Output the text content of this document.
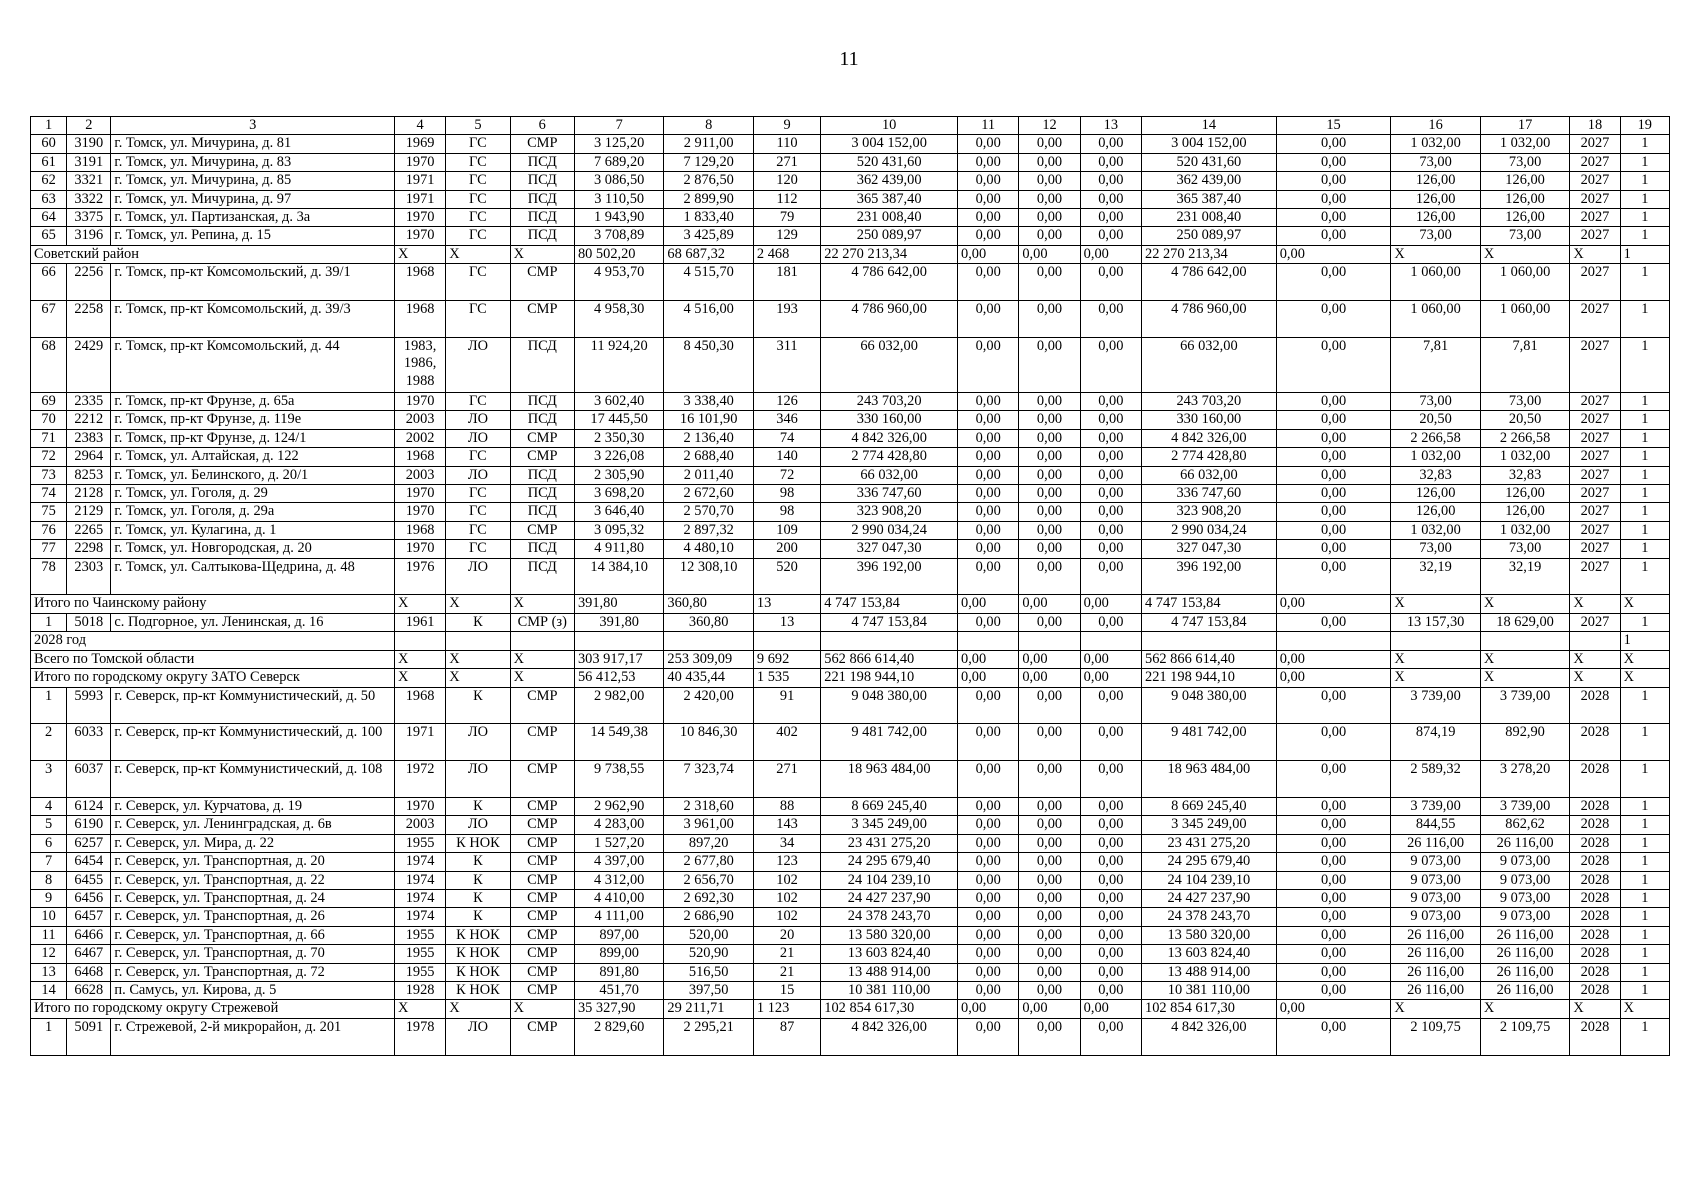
11
1	2	3	4	5	6	7	8	9	10	11	12	13	14	15	16	17	18	19
60	3190	г. Томск, ул. Мичурина, д. 81	1969	ГС	СМР	3 125,20	2 911,00	110	3 004 152,00	0,00	0,00	0,00	3 004 152,00	0,00	1 032,00	1 032,00	2027	1
61	3191	г. Томск, ул. Мичурина, д. 83	1970	ГС	ПСД	7 689,20	7 129,20	271	520 431,60	0,00	0,00	0,00	520 431,60	0,00	73,00	73,00	2027	1
62	3321	г. Томск, ул. Мичурина, д. 85	1971	ГС	ПСД	3 086,50	2 876,50	120	362 439,00	0,00	0,00	0,00	362 439,00	0,00	126,00	126,00	2027	1
63	3322	г. Томск, ул. Мичурина, д. 97	1971	ГС	ПСД	3 110,50	2 899,90	112	365 387,40	0,00	0,00	0,00	365 387,40	0,00	126,00	126,00	2027	1
64	3375	г. Томск, ул. Партизанская, д. 3а	1970	ГС	ПСД	1 943,90	1 833,40	79	231 008,40	0,00	0,00	0,00	231 008,40	0,00	126,00	126,00	2027	1
65	3196	г. Томск, ул. Репина, д. 15	1970	ГС	ПСД	3 708,89	3 425,89	129	250 089,97	0,00	0,00	0,00	250 089,97	0,00	73,00	73,00	2027	1
Советский район			X	X	X	80 502,20	68 687,32	2 468	22 270 213,34	0,00	0,00	0,00	22 270 213,34	0,00	X	X	X	1
66	2256	г. Томск, пр-кт Комсомольский, д. 39/1	1968	ГС	СМР	4 953,70	4 515,70	181	4 786 642,00	0,00	0,00	0,00	4 786 642,00	0,00	1 060,00	1 060,00	2027	1
67	2258	г. Томск, пр-кт Комсомольский, д. 39/3	1968	ГС	СМР	4 958,30	4 516,00	193	4 786 960,00	0,00	0,00	0,00	4 786 960,00	0,00	1 060,00	1 060,00	2027	1
68	2429	г. Томск, пр-кт Комсомольский, д. 44	1983, 1986, 1988	ЛО	ПСД	11 924,20	8 450,30	311	66 032,00	0,00	0,00	0,00	66 032,00	0,00	7,81	7,81	2027	1
69	2335	г. Томск, пр-кт Фрунзе, д. 65а	1970	ГС	ПСД	3 602,40	3 338,40	126	243 703,20	0,00	0,00	0,00	243 703,20	0,00	73,00	73,00	2027	1
70	2212	г. Томск, пр-кт Фрунзе, д. 119е	2003	ЛО	ПСД	17 445,50	16 101,90	346	330 160,00	0,00	0,00	0,00	330 160,00	0,00	20,50	20,50	2027	1
71	2383	г. Томск, пр-кт Фрунзе, д. 124/1	2002	ЛО	СМР	2 350,30	2 136,40	74	4 842 326,00	0,00	0,00	0,00	4 842 326,00	0,00	2 266,58	2 266,58	2027	1
72	2964	г. Томск, ул. Алтайская, д. 122	1968	ГС	СМР	3 226,08	2 688,40	140	2 774 428,80	0,00	0,00	0,00	2 774 428,80	0,00	1 032,00	1 032,00	2027	1
73	8253	г. Томск, ул. Белинского, д. 20/1	2003	ЛО	ПСД	2 305,90	2 011,40	72	66 032,00	0,00	0,00	0,00	66 032,00	0,00	32,83	32,83	2027	1
74	2128	г. Томск, ул. Гоголя, д. 29	1970	ГС	ПСД	3 698,20	2 672,60	98	336 747,60	0,00	0,00	0,00	336 747,60	0,00	126,00	126,00	2027	1
75	2129	г. Томск, ул. Гоголя, д. 29а	1970	ГС	ПСД	3 646,40	2 570,70	98	323 908,20	0,00	0,00	0,00	323 908,20	0,00	126,00	126,00	2027	1
76	2265	г. Томск, ул. Кулагина, д. 1	1968	ГС	СМР	3 095,32	2 897,32	109	2 990 034,24	0,00	0,00	0,00	2 990 034,24	0,00	1 032,00	1 032,00	2027	1
77	2298	г. Томск, ул. Новгородская, д. 20	1970	ГС	ПСД	4 911,80	4 480,10	200	327 047,30	0,00	0,00	0,00	327 047,30	0,00	73,00	73,00	2027	1
78	2303	г. Томск, ул. Салтыкова-Щедрина, д. 48	1976	ЛО	ПСД	14 384,10	12 308,10	520	396 192,00	0,00	0,00	0,00	396 192,00	0,00	32,19	32,19	2027	1
Итого по Чаинскому району			X	X	X	391,80	360,80	13	4 747 153,84	0,00	0,00	0,00	4 747 153,84	0,00	X	X	X	X
1	5018	с. Подгорное, ул. Ленинская, д. 16	1961	К	СМР (з)	391,80	360,80	13	4 747 153,84	0,00	0,00	0,00	4 747 153,84	0,00	13 157,30	18 629,00	2027	1
2028 год																		1
Всего по Томской области			X	X	X	303 917,17	253 309,09	9 692	562 866 614,40	0,00	0,00	0,00	562 866 614,40	0,00	X	X	X	X
Итого по городскому округу ЗАТО Северск			X	X	X	56 412,53	40 435,44	1 535	221 198 944,10	0,00	0,00	0,00	221 198 944,10	0,00	X	X	X	X
1	5993	г. Северск, пр-кт Коммунистический, д. 50	1968	К	СМР	2 982,00	2 420,00	91	9 048 380,00	0,00	0,00	0,00	9 048 380,00	0,00	3 739,00	3 739,00	2028	1
2	6033	г. Северск, пр-кт Коммунистический, д. 100	1971	ЛО	СМР	14 549,38	10 846,30	402	9 481 742,00	0,00	0,00	0,00	9 481 742,00	0,00	874,19	892,90	2028	1
3	6037	г. Северск, пр-кт Коммунистический, д. 108	1972	ЛО	СМР	9 738,55	7 323,74	271	18 963 484,00	0,00	0,00	0,00	18 963 484,00	0,00	2 589,32	3 278,20	2028	1
4	6124	г. Северск, ул. Курчатова, д. 19	1970	К	СМР	2 962,90	2 318,60	88	8 669 245,40	0,00	0,00	0,00	8 669 245,40	0,00	3 739,00	3 739,00	2028	1
5	6190	г. Северск, ул. Ленинградская, д. 6в	2003	ЛО	СМР	4 283,00	3 961,00	143	3 345 249,00	0,00	0,00	0,00	3 345 249,00	0,00	844,55	862,62	2028	1
6	6257	г. Северск, ул. Мира, д. 22	1955	К НОК	СМР	1 527,20	897,20	34	23 431 275,20	0,00	0,00	0,00	23 431 275,20	0,00	26 116,00	26 116,00	2028	1
7	6454	г. Северск, ул. Транспортная, д. 20	1974	К	СМР	4 397,00	2 677,80	123	24 295 679,40	0,00	0,00	0,00	24 295 679,40	0,00	9 073,00	9 073,00	2028	1
8	6455	г. Северск, ул. Транспортная, д. 22	1974	К	СМР	4 312,00	2 656,70	102	24 104 239,10	0,00	0,00	0,00	24 104 239,10	0,00	9 073,00	9 073,00	2028	1
9	6456	г. Северск, ул. Транспортная, д. 24	1974	К	СМР	4 410,00	2 692,30	102	24 427 237,90	0,00	0,00	0,00	24 427 237,90	0,00	9 073,00	9 073,00	2028	1
10	6457	г. Северск, ул. Транспортная, д. 26	1974	К	СМР	4 111,00	2 686,90	102	24 378 243,70	0,00	0,00	0,00	24 378 243,70	0,00	9 073,00	9 073,00	2028	1
11	6466	г. Северск, ул. Транспортная, д. 66	1955	К НОК	СМР	897,00	520,00	20	13 580 320,00	0,00	0,00	0,00	13 580 320,00	0,00	26 116,00	26 116,00	2028	1
12	6467	г. Северск, ул. Транспортная, д. 70	1955	К НОК	СМР	899,00	520,90	21	13 603 824,40	0,00	0,00	0,00	13 603 824,40	0,00	26 116,00	26 116,00	2028	1
13	6468	г. Северск, ул. Транспортная, д. 72	1955	К НОК	СМР	891,80	516,50	21	13 488 914,00	0,00	0,00	0,00	13 488 914,00	0,00	26 116,00	26 116,00	2028	1
14	6628	п. Самусь, ул. Кирова, д. 5	1928	К НОК	СМР	451,70	397,50	15	10 381 110,00	0,00	0,00	0,00	10 381 110,00	0,00	26 116,00	26 116,00	2028	1
Итого по городскому округу Стрежевой			X	X	X	35 327,90	29 211,71	1 123	102 854 617,30	0,00	0,00	0,00	102 854 617,30	0,00	X	X	X	X
1	5091	г. Стрежевой, 2-й микрорайон, д. 201	1978	ЛО	СМР	2 829,60	2 295,21	87	4 842 326,00	0,00	0,00	0,00	4 842 326,00	0,00	2 109,75	2 109,75	2028	1
